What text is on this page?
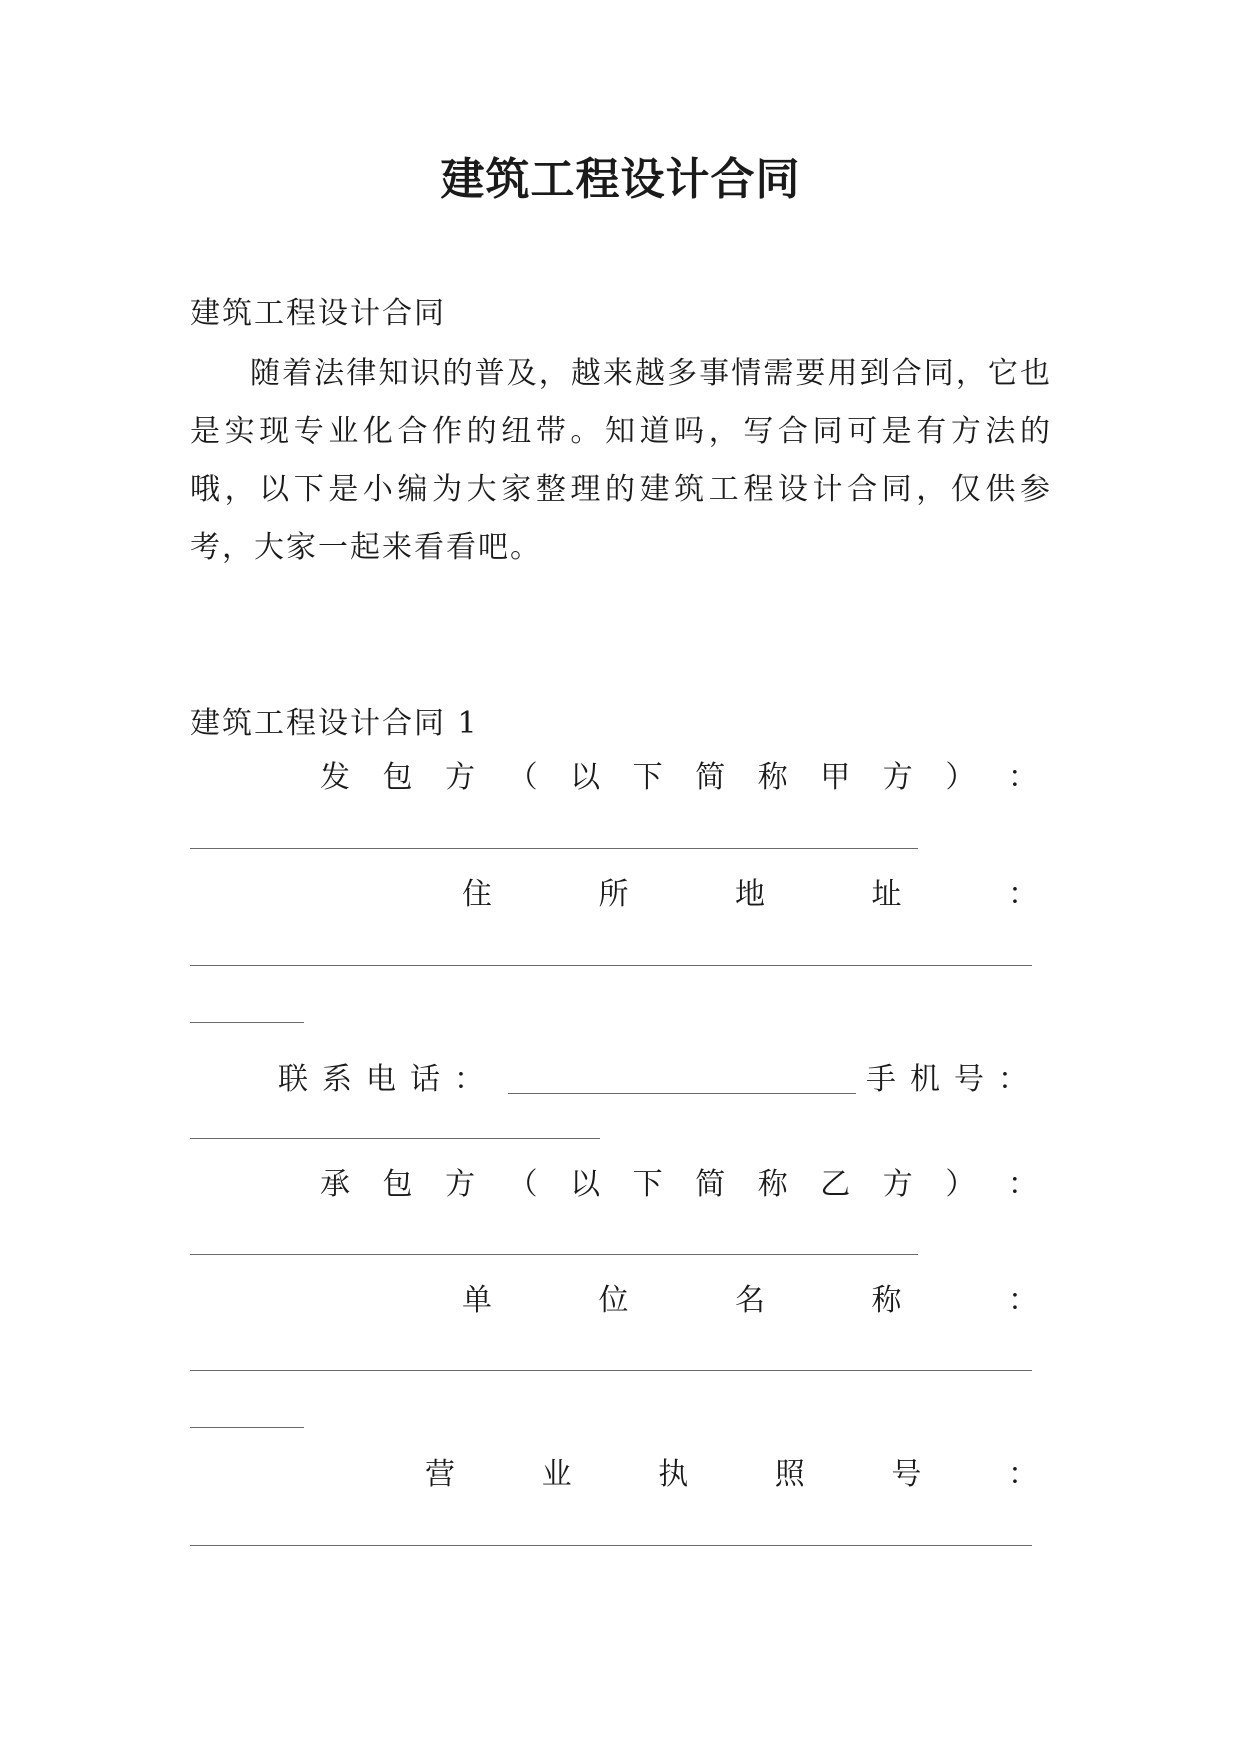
建筑工程设计合同
建筑工程设计合同
随着法律知识的普及，越来越多事情需要用到合同，它也是实现专业化合作的纽带。知道吗，写合同可是有方法的哦，以下是小编为大家整理的建筑工程设计合同，仅供参考，大家一起来看看吧。
建筑工程设计合同 1
发 包 方 （ 以 下 简 称 甲 方 ） ：
住	所	地	址	：
联系电话：	手机号：
承 包 方 （ 以 下 简 称 乙 方 ） ：
单	位	名	称	：
营	业	执	照	号	：
